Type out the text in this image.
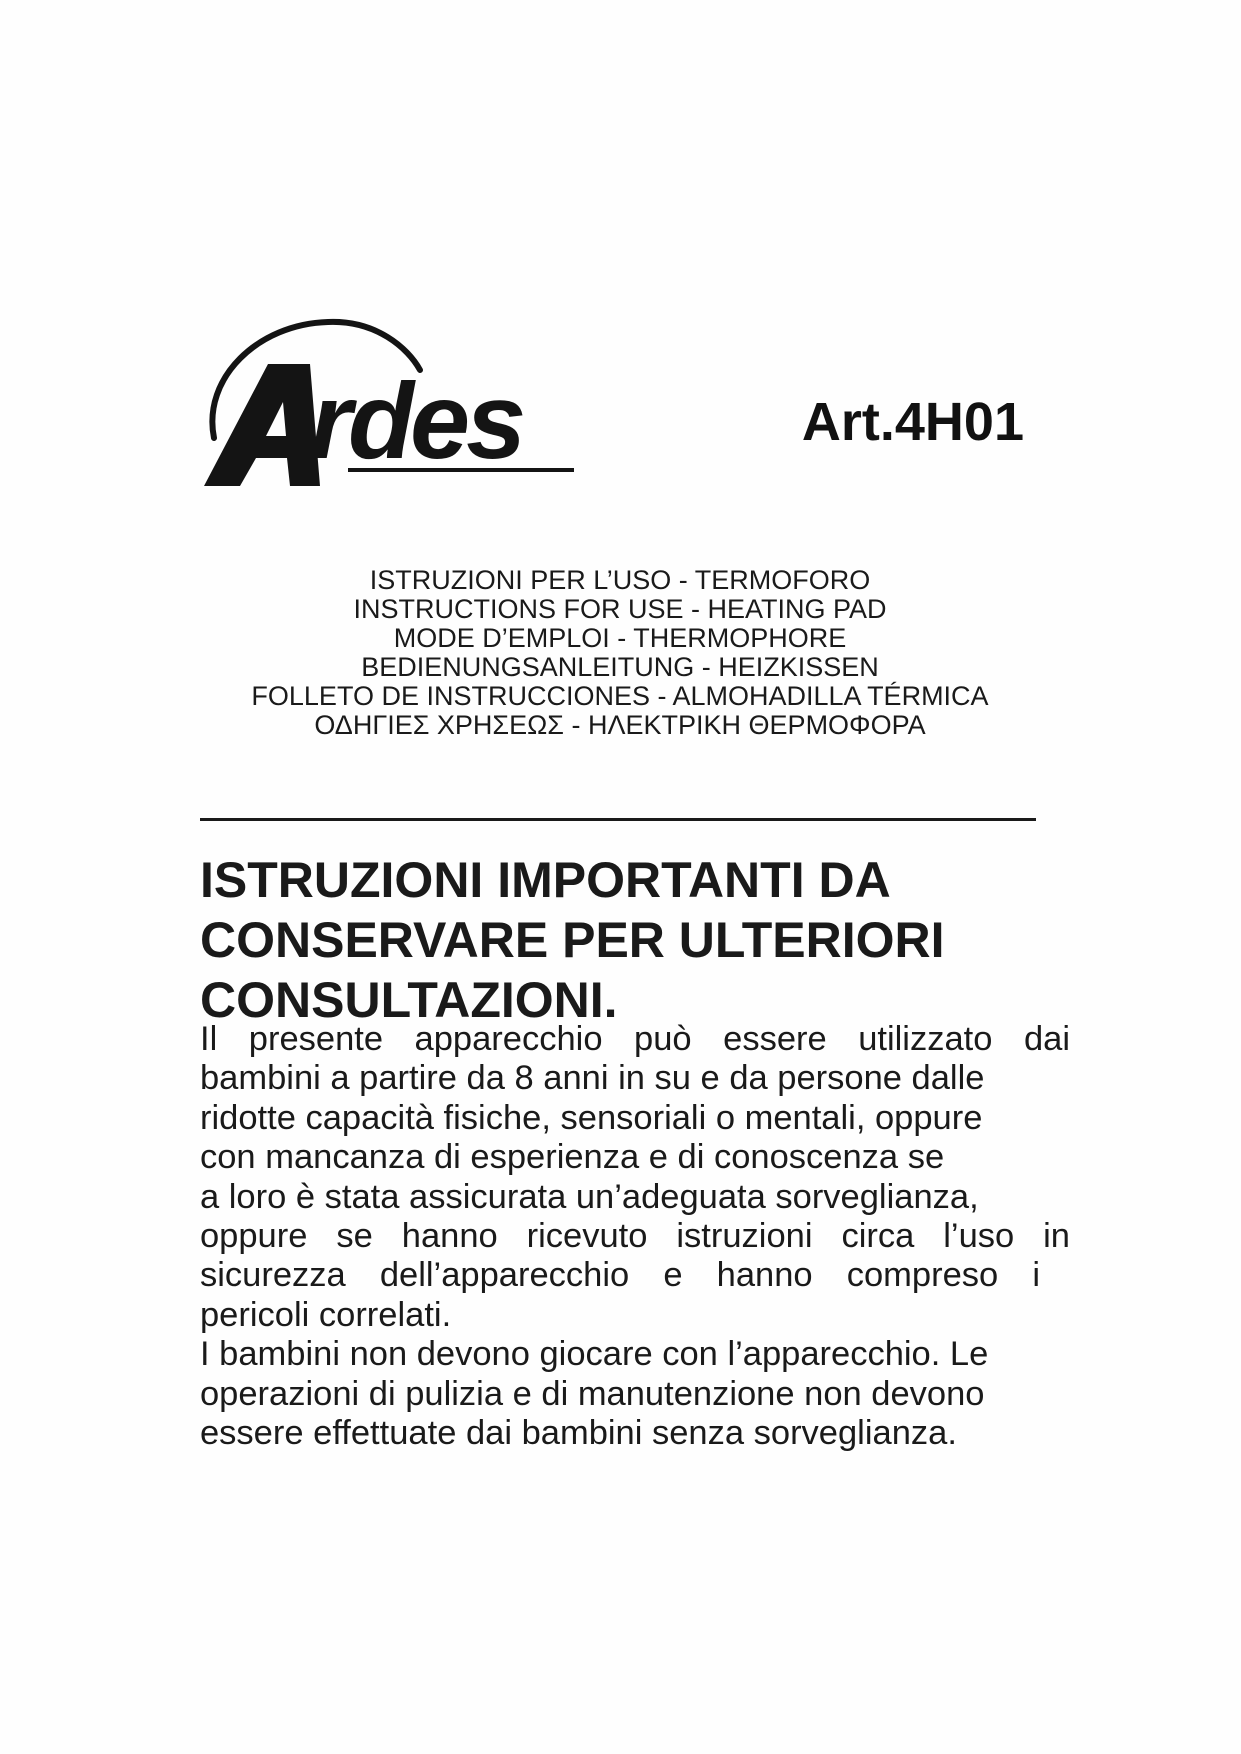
rdes	Art.4H01
ISTRUZIONI PER L’USO - TERMOFORO
INSTRUCTIONS FOR USE - HEATING PAD
MODE D’EMPLOI - THERMOPHORE
BEDIENUNGSANLEITUNG - HEIZKISSEN
FOLLETO DE INSTRUCCIONES - ALMOHADILLA TÉRMICA
ΟΔΗΓΙΕΣ ΧΡΗΣΕΩΣ - ΗΛΕΚΤΡΙΚΗ ΘΕΡΜΟΦΟΡΑ
ISTRUZIONI IMPORTANTI DA
CONSERVARE PER ULTERIORI
CONSULTAZIONI.
Il presente apparecchio può essere utilizzato dai
bambini a partire da 8 anni in su e da persone dalle
ridotte capacità fisiche, sensoriali o mentali, oppure
con mancanza di esperienza e di conoscenza se
a loro è stata assicurata un’adeguata sorveglianza,
oppure se hanno ricevuto istruzioni circa l’uso in
sicurezza dell’apparecchio e hanno compreso i
pericoli correlati.
I bambini non devono giocare con l’apparecchio. Le
operazioni di pulizia e di manutenzione non devono
essere effettuate dai bambini senza sorveglianza.
